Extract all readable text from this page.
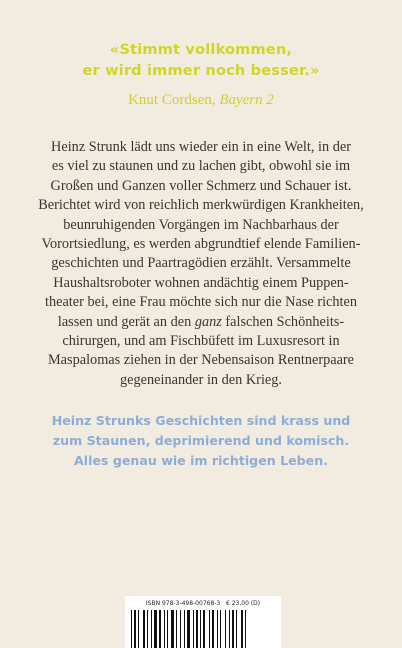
«Stimmt vollkommen,
er wird immer noch besser.»
Knut Cordsen, Bayern 2
Heinz Strunk lädt uns wieder ein in eine Welt, in der
es viel zu staunen und zu lachen gibt, obwohl sie im
Großen und Ganzen voller Schmerz und Schauer ist.
Berichtet wird von reichlich merkwürdigen Krankheiten,
beunruhigenden Vorgängen im Nachbarhaus der
Vorortsiedlung, es werden abgrundtief elende Familien-
geschichten und Paartragödien erzählt. Versammelte
Haushaltsroboter wohnen andächtig einem Puppen-
theater bei, eine Frau möchte sich nur die Nase richten
lassen und gerät an den ganz falschen Schönheits-
chirurgen, und am Fischbüfett im Luxusresort in
Maspalomas ziehen in der Nebensaison Rentnerpaare
gegeneinander in den Krieg.
Heinz Strunks Geschichten sind krass und
zum Staunen, deprimierend und komisch.
Alles genau wie im richtigen Leben.
ISBN 978-3-498-00768-3 € 23,00 (D)
